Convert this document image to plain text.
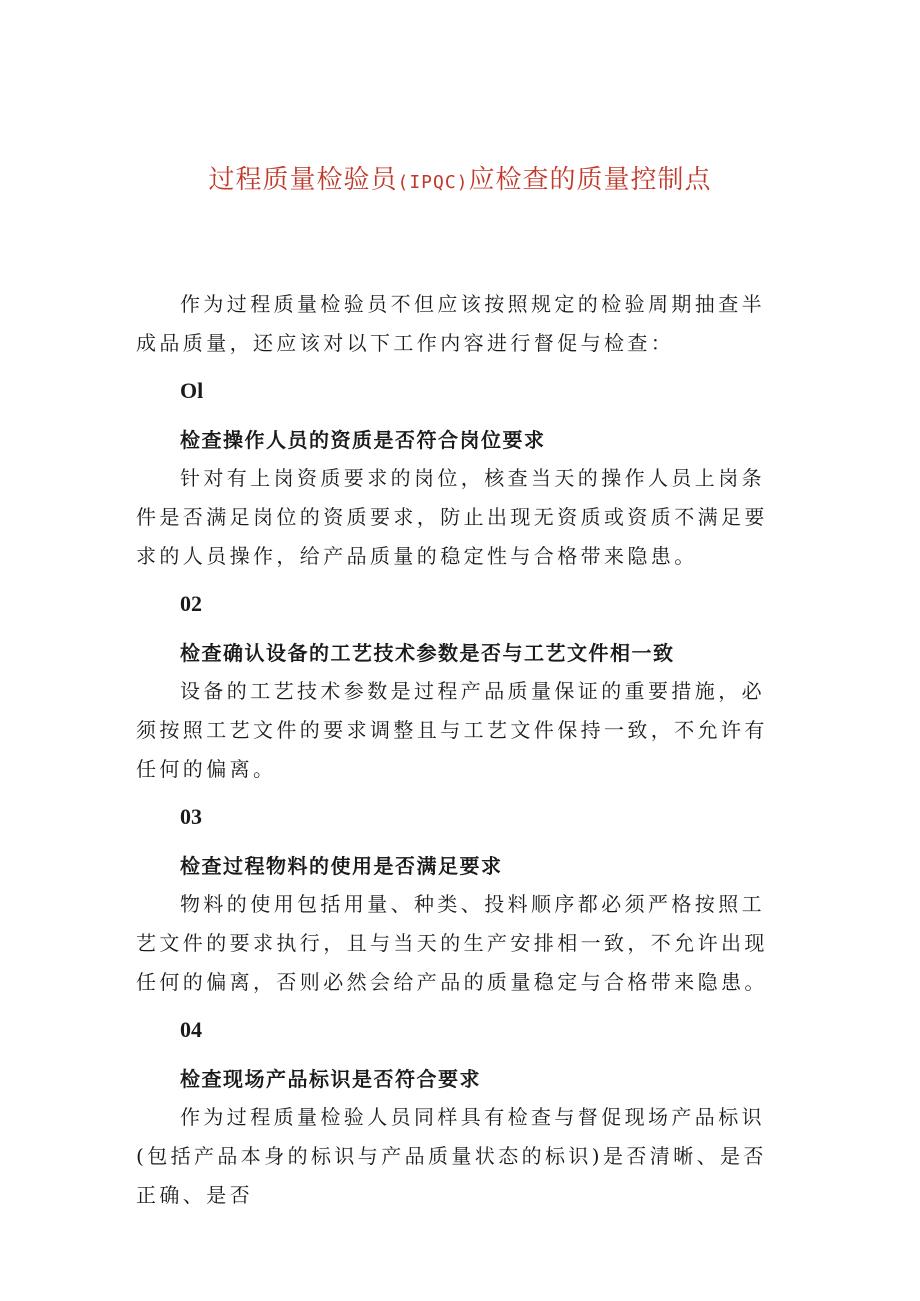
过程质量检验员(IPQC)应检查的质量控制点

作为过程质量检验员不但应该按照规定的检验周期抽查半成品质量，还应该对以下工作内容进行督促与检查：

Ol
检查操作人员的资质是否符合岗位要求

针对有上岗资质要求的岗位，核查当天的操作人员上岗条件是否满足岗位的资质要求，防止出现无资质或资质不满足要求的人员操作，给产品质量的稳定性与合格带来隐患。

02
检查确认设备的工艺技术参数是否与工艺文件相一致

设备的工艺技术参数是过程产品质量保证的重要措施，必须按照工艺文件的要求调整且与工艺文件保持一致，不允许有任何的偏离。

03
检查过程物料的使用是否满足要求

物料的使用包括用量、种类、投料顺序都必须严格按照工艺文件的要求执行，且与当天的生产安排相一致，不允许出现任何的偏离，否则必然会给产品的质量稳定与合格带来隐患。

04
检查现场产品标识是否符合要求

作为过程质量检验人员同样具有检查与督促现场产品标识(包括产品本身的标识与产品质量状态的标识)是否清晰、是否正确、是否
